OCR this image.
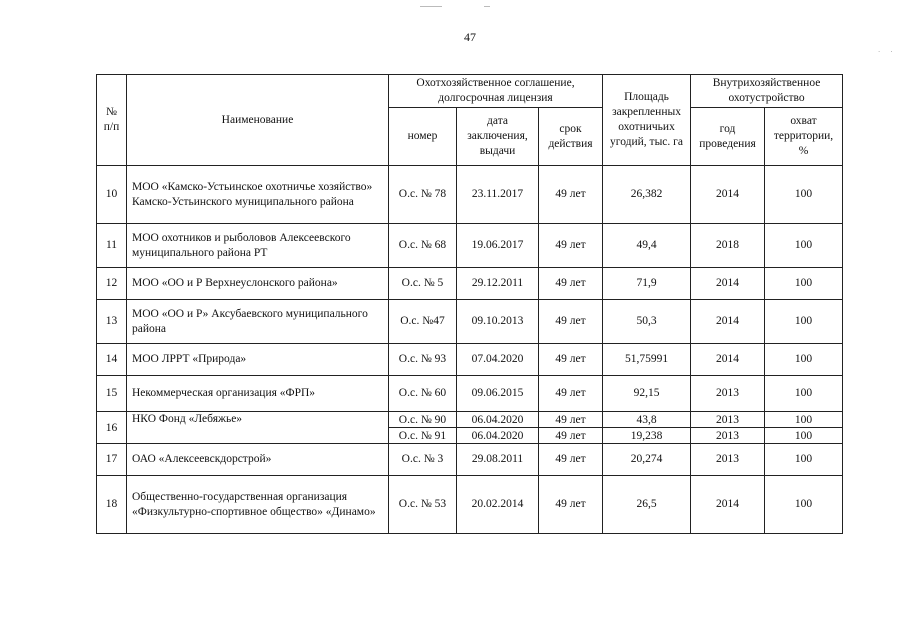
· ·
47
№ п/п	Наименование	Охотхозяйственное соглашение, долгосрочная лицензия			Площадь закрепленных охотничьих угодий, тыс. га	Внутрихозяйственное охотустройство	
						год проведения	охват территории, %
		номер	дата заключения, выдачи	срок действия			
10	МОО «Камско-Устьинское охотничье хозяйство» Камско-Устьинского муниципального района	О.с. № 78	23.11.2017	49 лет	26,382	2014	100
11	МОО охотников и рыболовов Алексеевского муниципального района РТ	О.с. № 68	19.06.2017	49 лет	49,4	2018	100
12	МОО «ОО и Р Верхнеуслонского района»	О.с. № 5	29.12.2011	49 лет	71,9	2014	100
13	МОО «ОО и Р» Аксубаевского муниципального района	О.с. №47	09.10.2013	49 лет	50,3	2014	100
14	МОО ЛРРТ «Природа»	О.с. № 93	07.04.2020	49 лет	51,75991	2014	100
15	Некоммерческая организация «ФРП»	О.с. № 60	09.06.2015	49 лет	92,15	2013	100
16	НКО Фонд «Лебяжье»	О.с. № 90	06.04.2020	49 лет	43,8	2013	100
		О.с. № 91	06.04.2020	49 лет	19,238	2013	100
17	ОАО «Алексеевскдорстрой»	О.с. № 3	29.08.2011	49 лет	20,274	2013	100
18	Общественно-государственная организация «Физкультурно-спортивное общество» «Динамо»	О.с. № 53	20.02.2014	49 лет	26,5	2014	100
